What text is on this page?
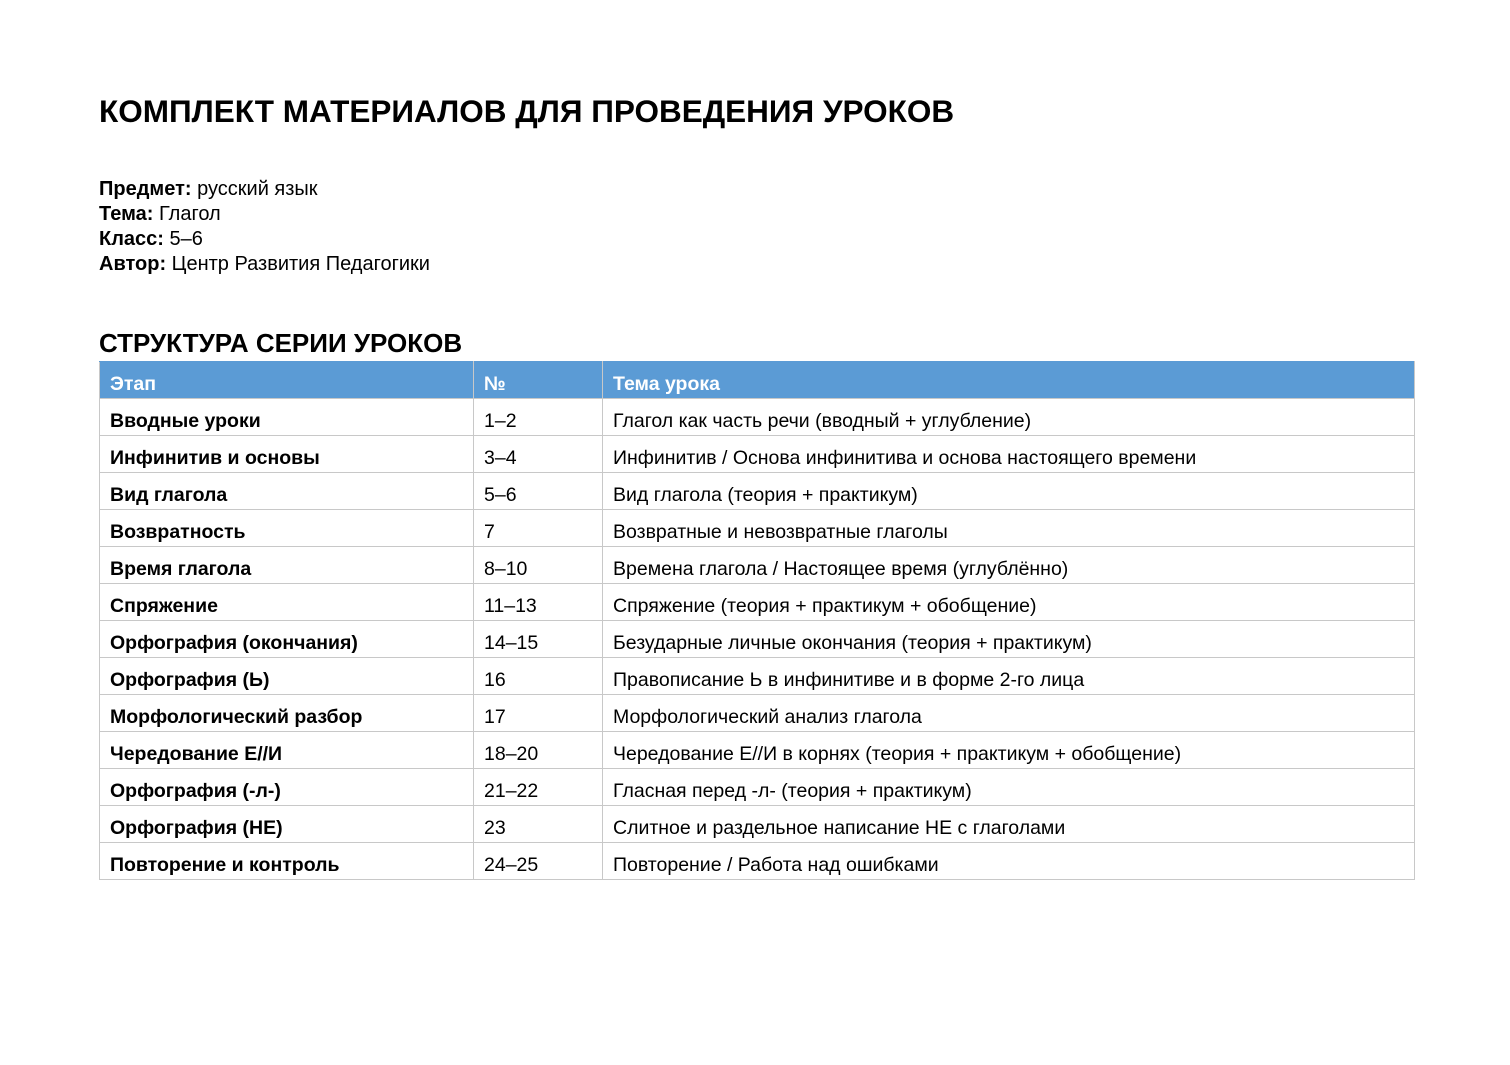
КОМПЛЕКТ МАТЕРИАЛОВ ДЛЯ ПРОВЕДЕНИЯ УРОКОВ
Предмет: русский язык
Тема: Глагол
Класс: 5–6
Автор: Центр Развития Педагогики
СТРУКТУРА СЕРИИ УРОКОВ
Этап	№	Тема урока
Вводные уроки	1–2	Глагол как часть речи (вводный + углубление)
Инфинитив и основы	3–4	Инфинитив / Основа инфинитива и основа настоящего времени
Вид глагола	5–6	Вид глагола (теория + практикум)
Возвратность	7	Возвратные и невозвратные глаголы
Время глагола	8–10	Времена глагола / Настоящее время (углублённо)
Спряжение	11–13	Спряжение (теория + практикум + обобщение)
Орфография (окончания)	14–15	Безударные личные окончания (теория + практикум)
Орфография (Ь)	16	Правописание Ь в инфинитиве и в форме 2-го лица
Морфологический разбор	17	Морфологический анализ глагола
Чередование Е//И	18–20	Чередование Е//И в корнях (теория + практикум + обобщение)
Орфография (-л-)	21–22	Гласная перед -л- (теория + практикум)
Орфография (НЕ)	23	Слитное и раздельное написание НЕ с глаголами
Повторение и контроль	24–25	Повторение / Работа над ошибками
